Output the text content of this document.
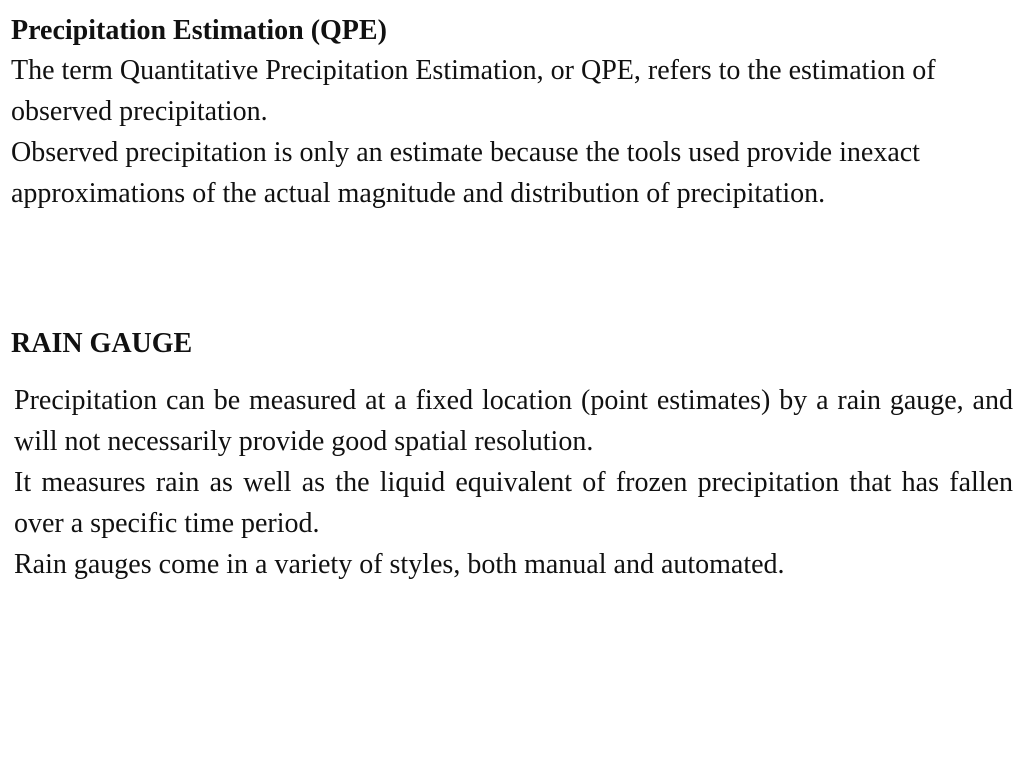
Precipitation Estimation (QPE)

The term Quantitative Precipitation Estimation, or QPE, refers to the estimation of observed precipitation.

Observed precipitation is only an estimate because the tools used provide inexact approximations of the actual magnitude and distribution of precipitation.

RAIN GAUGE

Precipitation can be measured at a fixed location (point estimates) by a rain gauge, and will not necessarily provide good spatial resolution.

It measures rain as well as the liquid equivalent of frozen precipitation that has fallen over a specific time period.

Rain gauges come in a variety of styles, both manual and automated.
